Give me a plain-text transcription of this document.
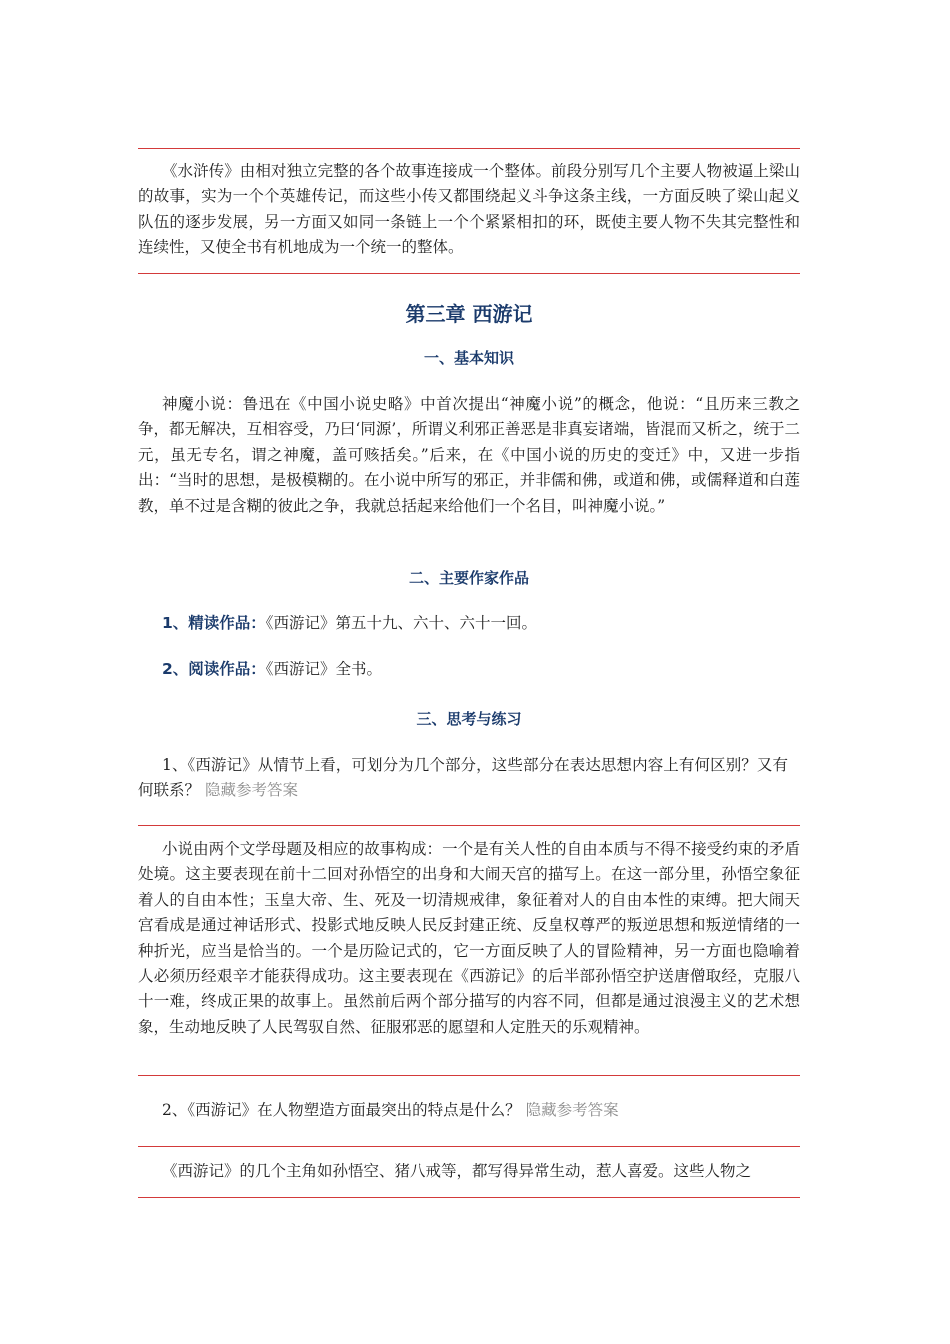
《水浒传》由相对独立完整的各个故事连接成一个整体。前段分别写几个主要人物被逼上梁山的故事，实为一个个英雄传记，而这些小传又都围绕起义斗争这条主线，一方面反映了梁山起义队伍的逐步发展，另一方面又如同一条链上一个个紧紧相扣的环，既使主要人物不失其完整性和连续性，又使全书有机地成为一个统一的整体。

第三章 西游记
一、基本知识

神魔小说：鲁迅在《中国小说史略》中首次提出“神魔小说”的概念，他说：“且历来三教之争，都无解决，互相容受，乃曰‘同源’，所谓义利邪正善恶是非真妄诸端，皆混而又析之，统于二元，虽无专名，谓之神魔，盖可赅括矣。”后来，在《中国小说的历史的变迁》中，又进一步指出：“当时的思想，是极模糊的。在小说中所写的邪正，并非儒和佛，或道和佛，或儒释道和白莲教，单不过是含糊的彼此之争，我就总括起来给他们一个名目，叫神魔小说。”

二、主要作家作品

1、精读作品：《西游记》第五十九、六十、六十一回。

2、阅读作品：《西游记》全书。

三、思考与练习

1、《西游记》从情节上看，可划分为几个部分，这些部分在表达思想内容上有何区别？又有何联系？ 隐藏参考答案

小说由两个文学母题及相应的故事构成：一个是有关人性的自由本质与不得不接受约束的矛盾处境。这主要表现在前十二回对孙悟空的出身和大闹天宫的描写上。在这一部分里，孙悟空象征着人的自由本性；玉皇大帝、生、死及一切清规戒律，象征着对人的自由本性的束缚。把大闹天宫看成是通过神话形式、投影式地反映人民反封建正统、反皇权尊严的叛逆思想和叛逆情绪的一种折光，应当是恰当的。一个是历险记式的，它一方面反映了人的冒险精神，另一方面也隐喻着人必须历经艰辛才能获得成功。这主要表现在《西游记》的后半部孙悟空护送唐僧取经，克服八十一难，终成正果的故事上。虽然前后两个部分描写的内容不同，但都是通过浪漫主义的艺术想象，生动地反映了人民驾驭自然、征服邪恶的愿望和人定胜天的乐观精神。

2、《西游记》在人物塑造方面最突出的特点是什么？ 隐藏参考答案

《西游记》的几个主角如孙悟空、猪八戒等，都写得异常生动，惹人喜爱。这些人物之
